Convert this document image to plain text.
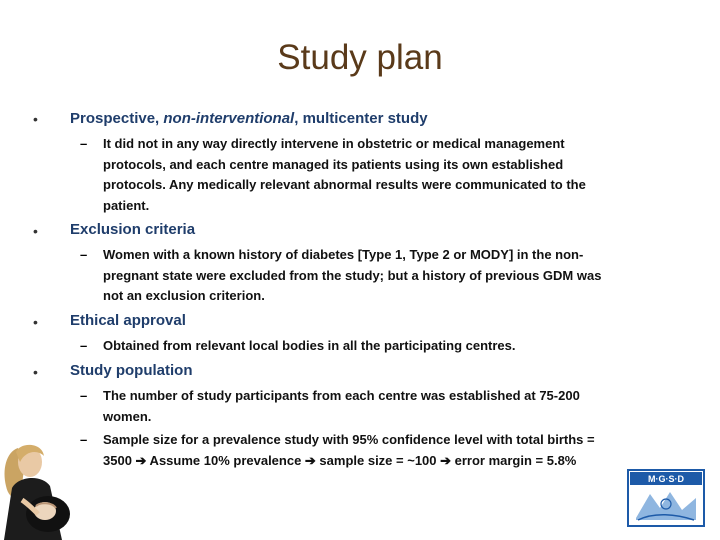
Study plan
• Prospective, non-interventional, multicenter study
– It did not in any way directly intervene in obstetric or medical management
protocols, and each centre managed its patients using its own established
protocols. Any medically relevant abnormal results were communicated to the
patient.
• Exclusion criteria
– Women with a known history of diabetes [Type 1, Type 2 or MODY] in the non-
pregnant state were excluded from the study; but a history of previous GDM was
not an exclusion criterion.
• Ethical approval
– Obtained from relevant local bodies in all the participating centres.
• Study population
– The number of study participants from each centre was established at 75-200
women.
– Sample size for a prevalence study with 95% confidence level with total births =
3500 ➔ Assume 10% prevalence ➔ sample size = ~100 ➔ error margin = 5.8%
M·G·S·D
